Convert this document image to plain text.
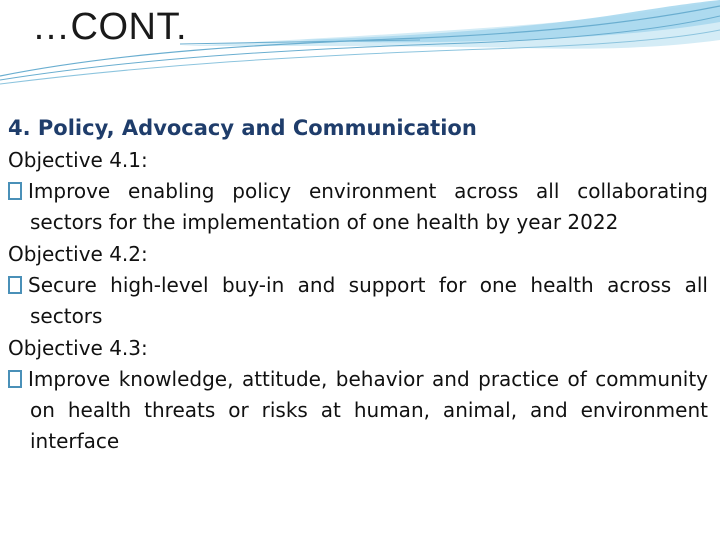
…CONT.
4. Policy, Advocacy and Communication
Objective 4.1:
Improve enabling policy environment across all collaborating sectors for the implementation of one health by year 2022
Objective 4.2:
Secure high-level buy-in and support for one health across all sectors
Objective 4.3:
Improve knowledge, attitude, behavior and practice of community on health threats or risks at human, animal, and environment interface
